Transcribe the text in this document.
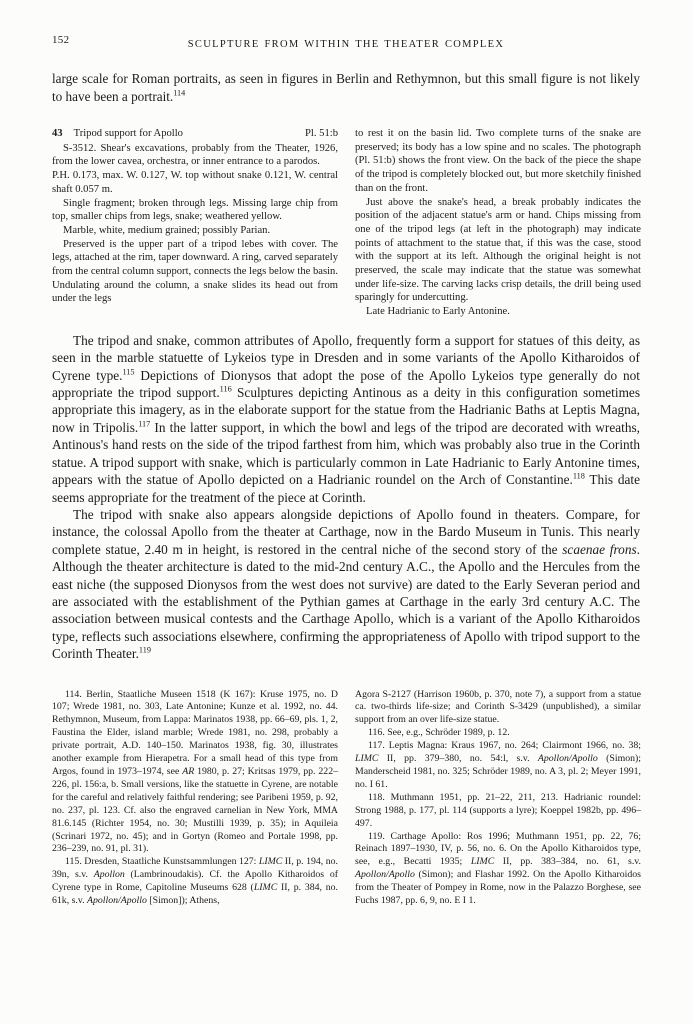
152	SCULPTURE FROM WITHIN THE THEATER COMPLEX

large scale for Roman portraits, as seen in figures in Berlin and Rethymnon, but this small figure is not likely to have been a portrait.$^{114}$

43 Tripod support for Apollo	Pl. 51:b

S-3512. Shear's excavations, probably from the Theater, 1926, from the lower cavea, orchestra, or inner entrance to a parodos.

P.H. 0.173, max. W. 0.127, W. top without snake 0.121, W. central shaft 0.057 m.

Single fragment; broken through legs. Missing large chip from top, smaller chips from legs, snake; weathered yellow.

Marble, white, medium grained; possibly Parian.

Preserved is the upper part of a tripod lebes with cover. The legs, attached at the rim, taper downward. A ring, carved separately from the central column support, connects the legs below the basin. Undulating around the column, a snake slides its head out from under the legs

to rest it on the basin lid. Two complete turns of the snake are preserved; its body has a low spine and no scales. The photograph (Pl. 51:b) shows the front view. On the back of the piece the shape of the tripod is completely blocked out, but more sketchily finished than on the front.

Just above the snake's head, a break probably indicates the position of the adjacent statue's arm or hand. Chips missing from one of the tripod legs (at left in the photograph) may indicate points of attachment to the statue that, if this was the case, stood with the support at its left. Although the original height is not preserved, the scale may indicate that the statue was somewhat under life-size. The carving lacks crisp details, the drill being used sparingly for undercutting.

Late Hadrianic to Early Antonine.

The tripod and snake, common attributes of Apollo, frequently form a support for statues of this deity, as seen in the marble statuette of Lykeios type in Dresden and in some variants of the Apollo Kitharoidos of Cyrene type.$^{115}$ Depictions of Dionysos that adopt the pose of the Apollo Lykeios type generally do not appropriate the tripod support.$^{116}$ Sculptures depicting Antinous as a deity in this configuration sometimes appropriate this imagery, as in the elaborate support for the statue from the Hadrianic Baths at Leptis Magna, now in Tripolis.$^{117}$ In the latter support, in which the bowl and legs of the tripod are decorated with wreaths, Antinous's hand rests on the side of the tripod farthest from him, which was probably also true in the Corinth statue. A tripod support with snake, which is particularly common in Late Hadrianic to Early Antonine times, appears with the statue of Apollo depicted on a Hadrianic roundel on the Arch of Constantine.$^{118}$ This date seems appropriate for the treatment of the piece at Corinth.

The tripod with snake also appears alongside depictions of Apollo found in theaters. Compare, for instance, the colossal Apollo from the theater at Carthage, now in the Bardo Museum in Tunis. This nearly complete statue, 2.40 m in height, is restored in the central niche of the second story of the scaenae frons. Although the theater architecture is dated to the mid-2nd century A.C., the Apollo and the Hercules from the east niche (the supposed Dionysos from the west does not survive) are dated to the Early Severan period and are associated with the establishment of the Pythian games at Carthage in the early 3rd century A.C. The association between musical contests and the Carthage Apollo, which is a variant of the Apollo Kitharoidos type, reflects such associations elsewhere, confirming the appropriateness of Apollo with tripod support to the Corinth Theater.$^{119}$

114. Berlin, Staatliche Museen 1518 (K 167): Kruse 1975, no. D 107; Wrede 1981, no. 303, Late Antonine; Kunze et al. 1992, no. 44. Rethymnon, Museum, from Lappa: Marinatos 1938, pp. 66–69, pls. 1, 2, Faustina the Elder, island marble; Wrede 1981, no. 298, probably a private portrait, A.D. 140–150. Marinatos 1938, fig. 30, illustrates another example from Hierapetra. For a small head of this type from Argos, found in 1973–1974, see AR 1980, p. 27; Kritsas 1979, pp. 222–226, pl. 156:a, b. Small versions, like the statuette in Cyrene, are notable for the careful and relatively faithful rendering; see Paribeni 1959, p. 92, no. 237, pl. 123. Cf. also the engraved carnelian in New York, MMA 81.6.145 (Richter 1954, no. 30; Mustilli 1939, p. 35); in Aquileia (Scrinari 1972, no. 45); and in Gortyn (Romeo and Portale 1998, pp. 236–239, no. 91, pl. 31).

115. Dresden, Staatliche Kunstsammlungen 127: LIMC II, p. 194, no. 39n, s.v. Apollon (Lambrinoudakis). Cf. the Apollo Kitharoidos of Cyrene type in Rome, Capitoline Museums 628 (LIMC II, p. 384, no. 61k, s.v. Apollon/Apollo [Simon]); Athens,

Agora S-2127 (Harrison 1960b, p. 370, note 7), a support from a statue ca. two-thirds life-size; and Corinth S-3429 (unpublished), a similar support from an over life-size statue.

116. See, e.g., Schröder 1989, p. 12.

117. Leptis Magna: Kraus 1967, no. 264; Clairmont 1966, no. 38; LIMC II, pp. 379–380, no. 54:l, s.v. Apollon/Apollo (Simon); Manderscheid 1981, no. 325; Schröder 1989, no. A 3, pl. 2; Meyer 1991, no. I 61.

118. Muthmann 1951, pp. 21–22, 211, 213. Hadrianic roundel: Strong 1988, p. 177, pl. 114 (supports a lyre); Koeppel 1982b, pp. 496–497.

119. Carthage Apollo: Ros 1996; Muthmann 1951, pp. 22, 76; Reinach 1897–1930, IV, p. 56, no. 6. On the Apollo Kitharoidos type, see, e.g., Becatti 1935; LIMC II, pp. 383–384, no. 61, s.v. Apollon/Apollo (Simon); and Flashar 1992. On the Apollo Kitharoidos from the Theater of Pompey in Rome, now in the Palazzo Borghese, see Fuchs 1987, pp. 6, 9, no. E I 1.
